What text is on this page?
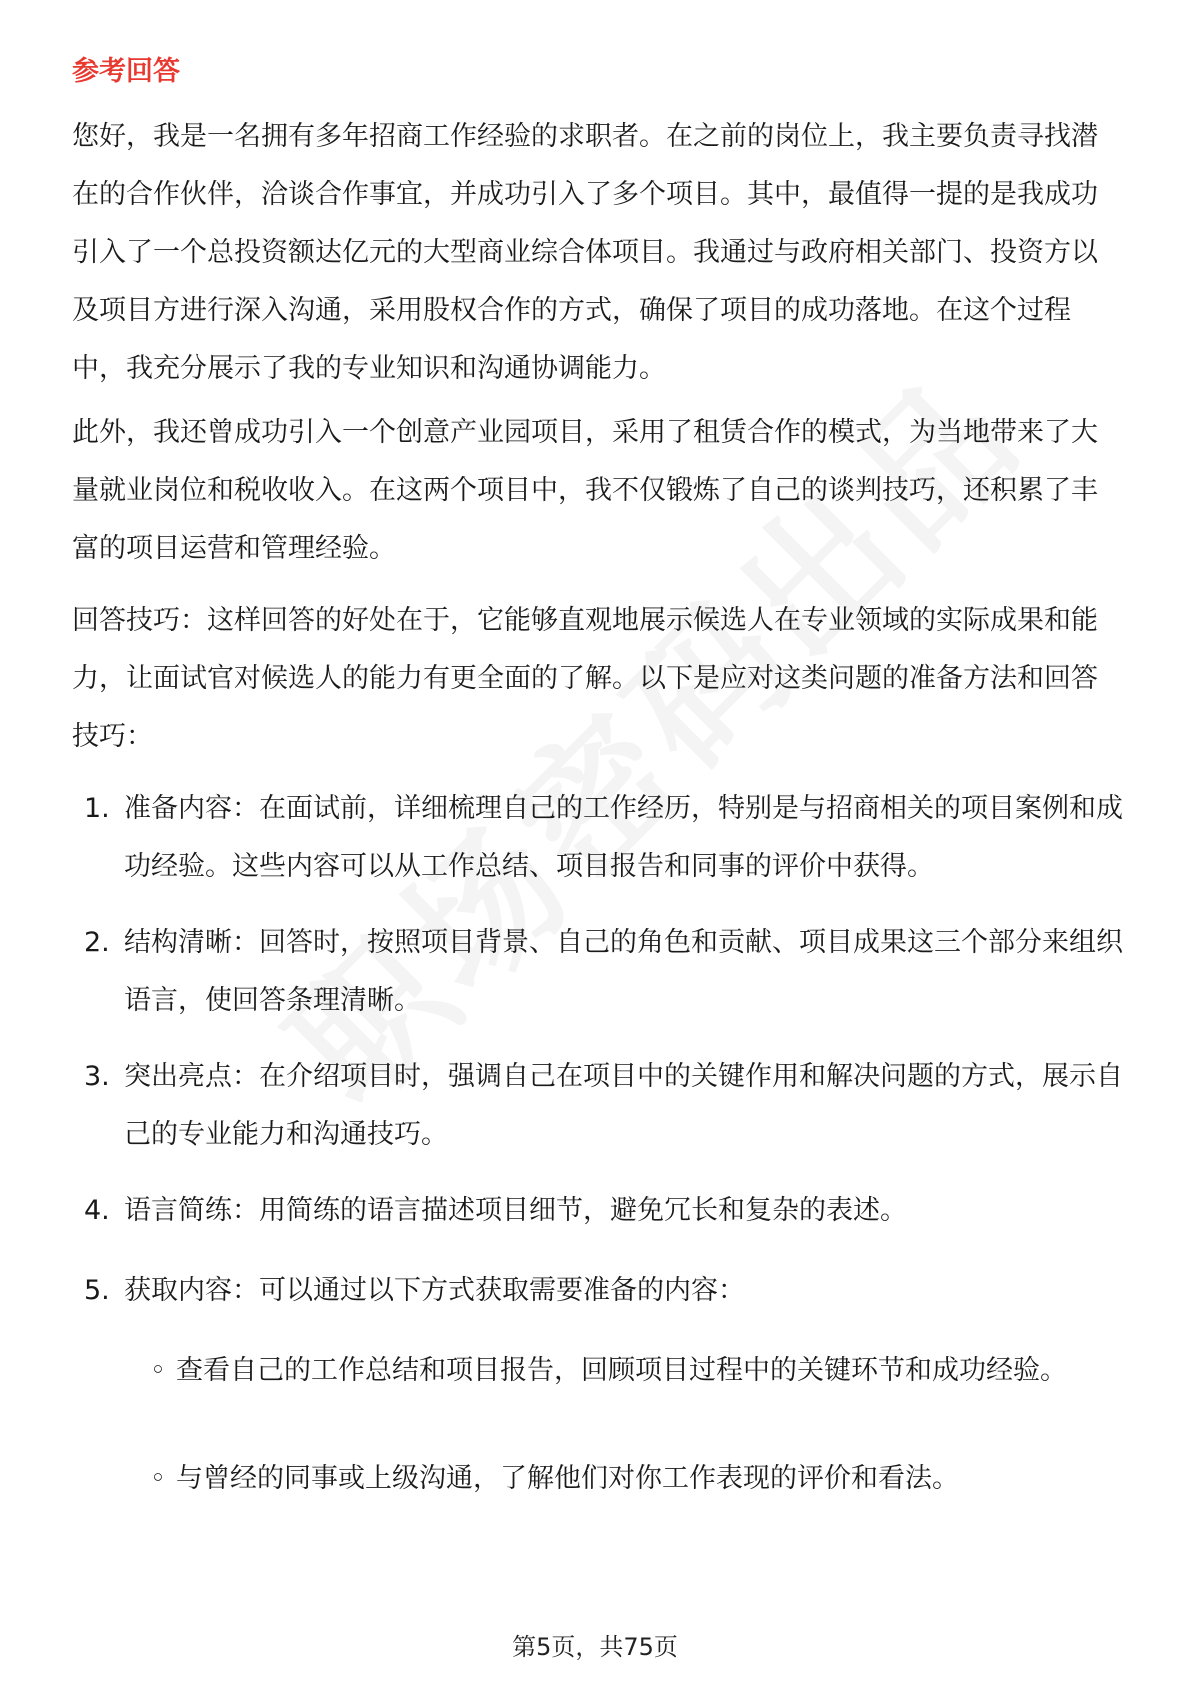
参考回答

您好，我是一名拥有多年招商工作经验的求职者。在之前的岗位上，我主要负责寻找潜在的合作伙伴，洽谈合作事宜，并成功引入了多个项目。其中，最值得一提的是我成功引入了一个总投资额达亿元的大型商业综合体项目。我通过与政府相关部门、投资方以及项目方进行深入沟通，采用股权合作的方式，确保了项目的成功落地。在这个过程中，我充分展示了我的专业知识和沟通协调能力。

此外，我还曾成功引入一个创意产业园项目，采用了租赁合作的模式，为当地带来了大量就业岗位和税收收入。在这两个项目中，我不仅锻炼了自己的谈判技巧，还积累了丰富的项目运营和管理经验。

回答技巧：这样回答的好处在于，它能够直观地展示候选人在专业领域的实际成果和能力，让面试官对候选人的能力有更全面的了解。以下是应对这类问题的准备方法和回答技巧：

1. 准备内容：在面试前，详细梳理自己的工作经历，特别是与招商相关的项目案例和成功经验。这些内容可以从工作总结、项目报告和同事的评价中获得。
2. 结构清晰：回答时，按照项目背景、自己的角色和贡献、项目成果这三个部分来组织语言，使回答条理清晰。
3. 突出亮点：在介绍项目时，强调自己在项目中的关键作用和解决问题的方式，展示自己的专业能力和沟通技巧。
4. 语言简练：用简练的语言描述项目细节，避免冗长和复杂的表述。
5. 获取内容：可以通过以下方式获取需要准备的内容：
◦ 查看自己的工作总结和项目报告，回顾项目过程中的关键环节和成功经验。
◦ 与曾经的同事或上级沟通，了解他们对你工作表现的评价和看法。
第5页，共75页
